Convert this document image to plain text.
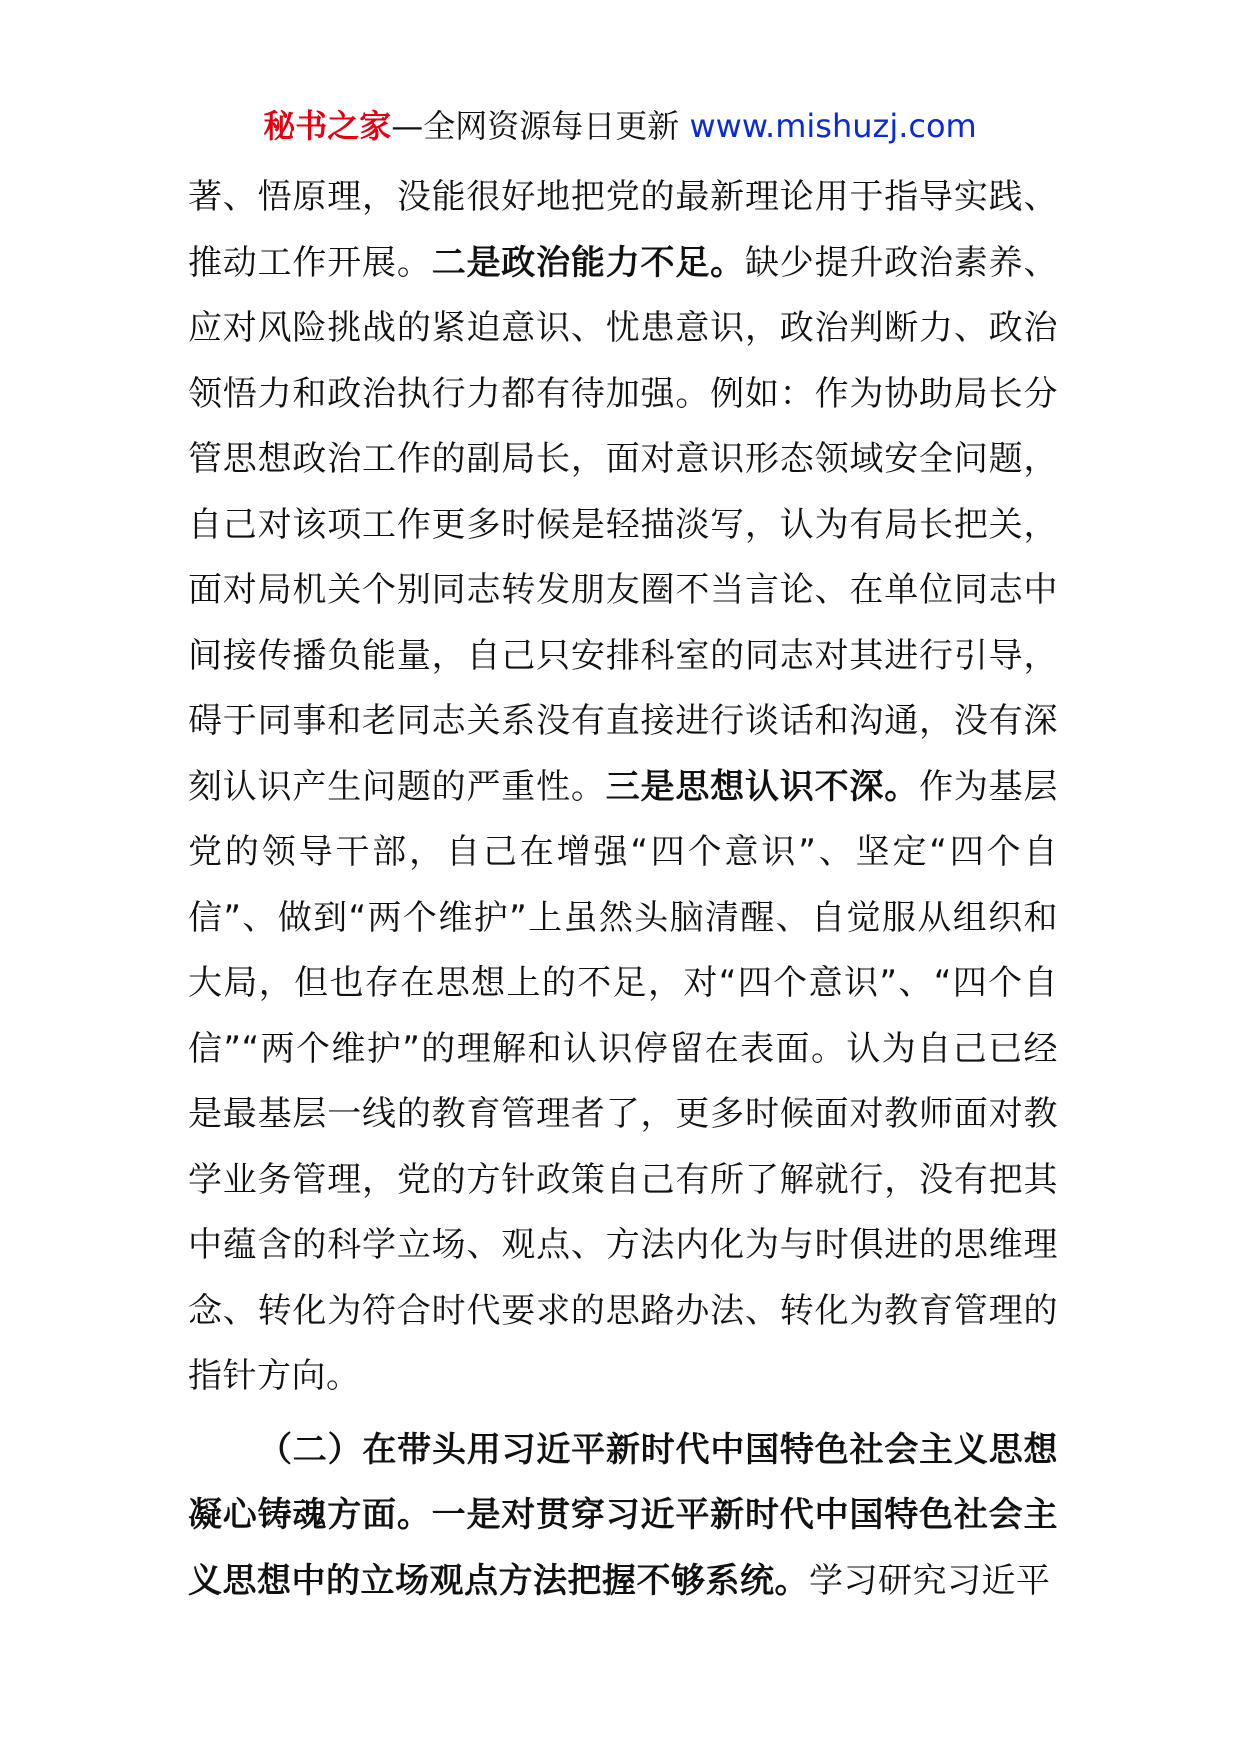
秘书之家—全网资源每日更新 www.mishuzj.com

著、悟原理，没能很好地把党的最新理论用于指导实践、推动工作开展。二是政治能力不足。缺少提升政治素养、应对风险挑战的紧迫意识、忧患意识，政治判断力、政治领悟力和政治执行力都有待加强。例如：作为协助局长分管思想政治工作的副局长，面对意识形态领域安全问题，自己对该项工作更多时候是轻描淡写，认为有局长把关，面对局机关个别同志转发朋友圈不当言论、在单位同志中间接传播负能量，自己只安排科室的同志对其进行引导，碍于同事和老同志关系没有直接进行谈话和沟通，没有深刻认识产生问题的严重性。三是思想认识不深。作为基层党的领导干部，自己在增强“四个意识”、坚定“四个自信”、做到“两个维护”上虽然头脑清醒、自觉服从组织和大局，但也存在思想上的不足，对“四个意识”、“四个自信”“两个维护”的理解和认识停留在表面。认为自己已经是最基层一线的教育管理者了，更多时候面对教师面对教学业务管理，党的方针政策自己有所了解就行，没有把其中蕴含的科学立场、观点、方法内化为与时俱进的思维理念、转化为符合时代要求的思路办法、转化为教育管理的指针方向。

（二）在带头用习近平新时代中国特色社会主义思想凝心铸魂方面。一是对贯穿习近平新时代中国特色社会主义思想中的立场观点方法把握不够系统。学习研究习近平
